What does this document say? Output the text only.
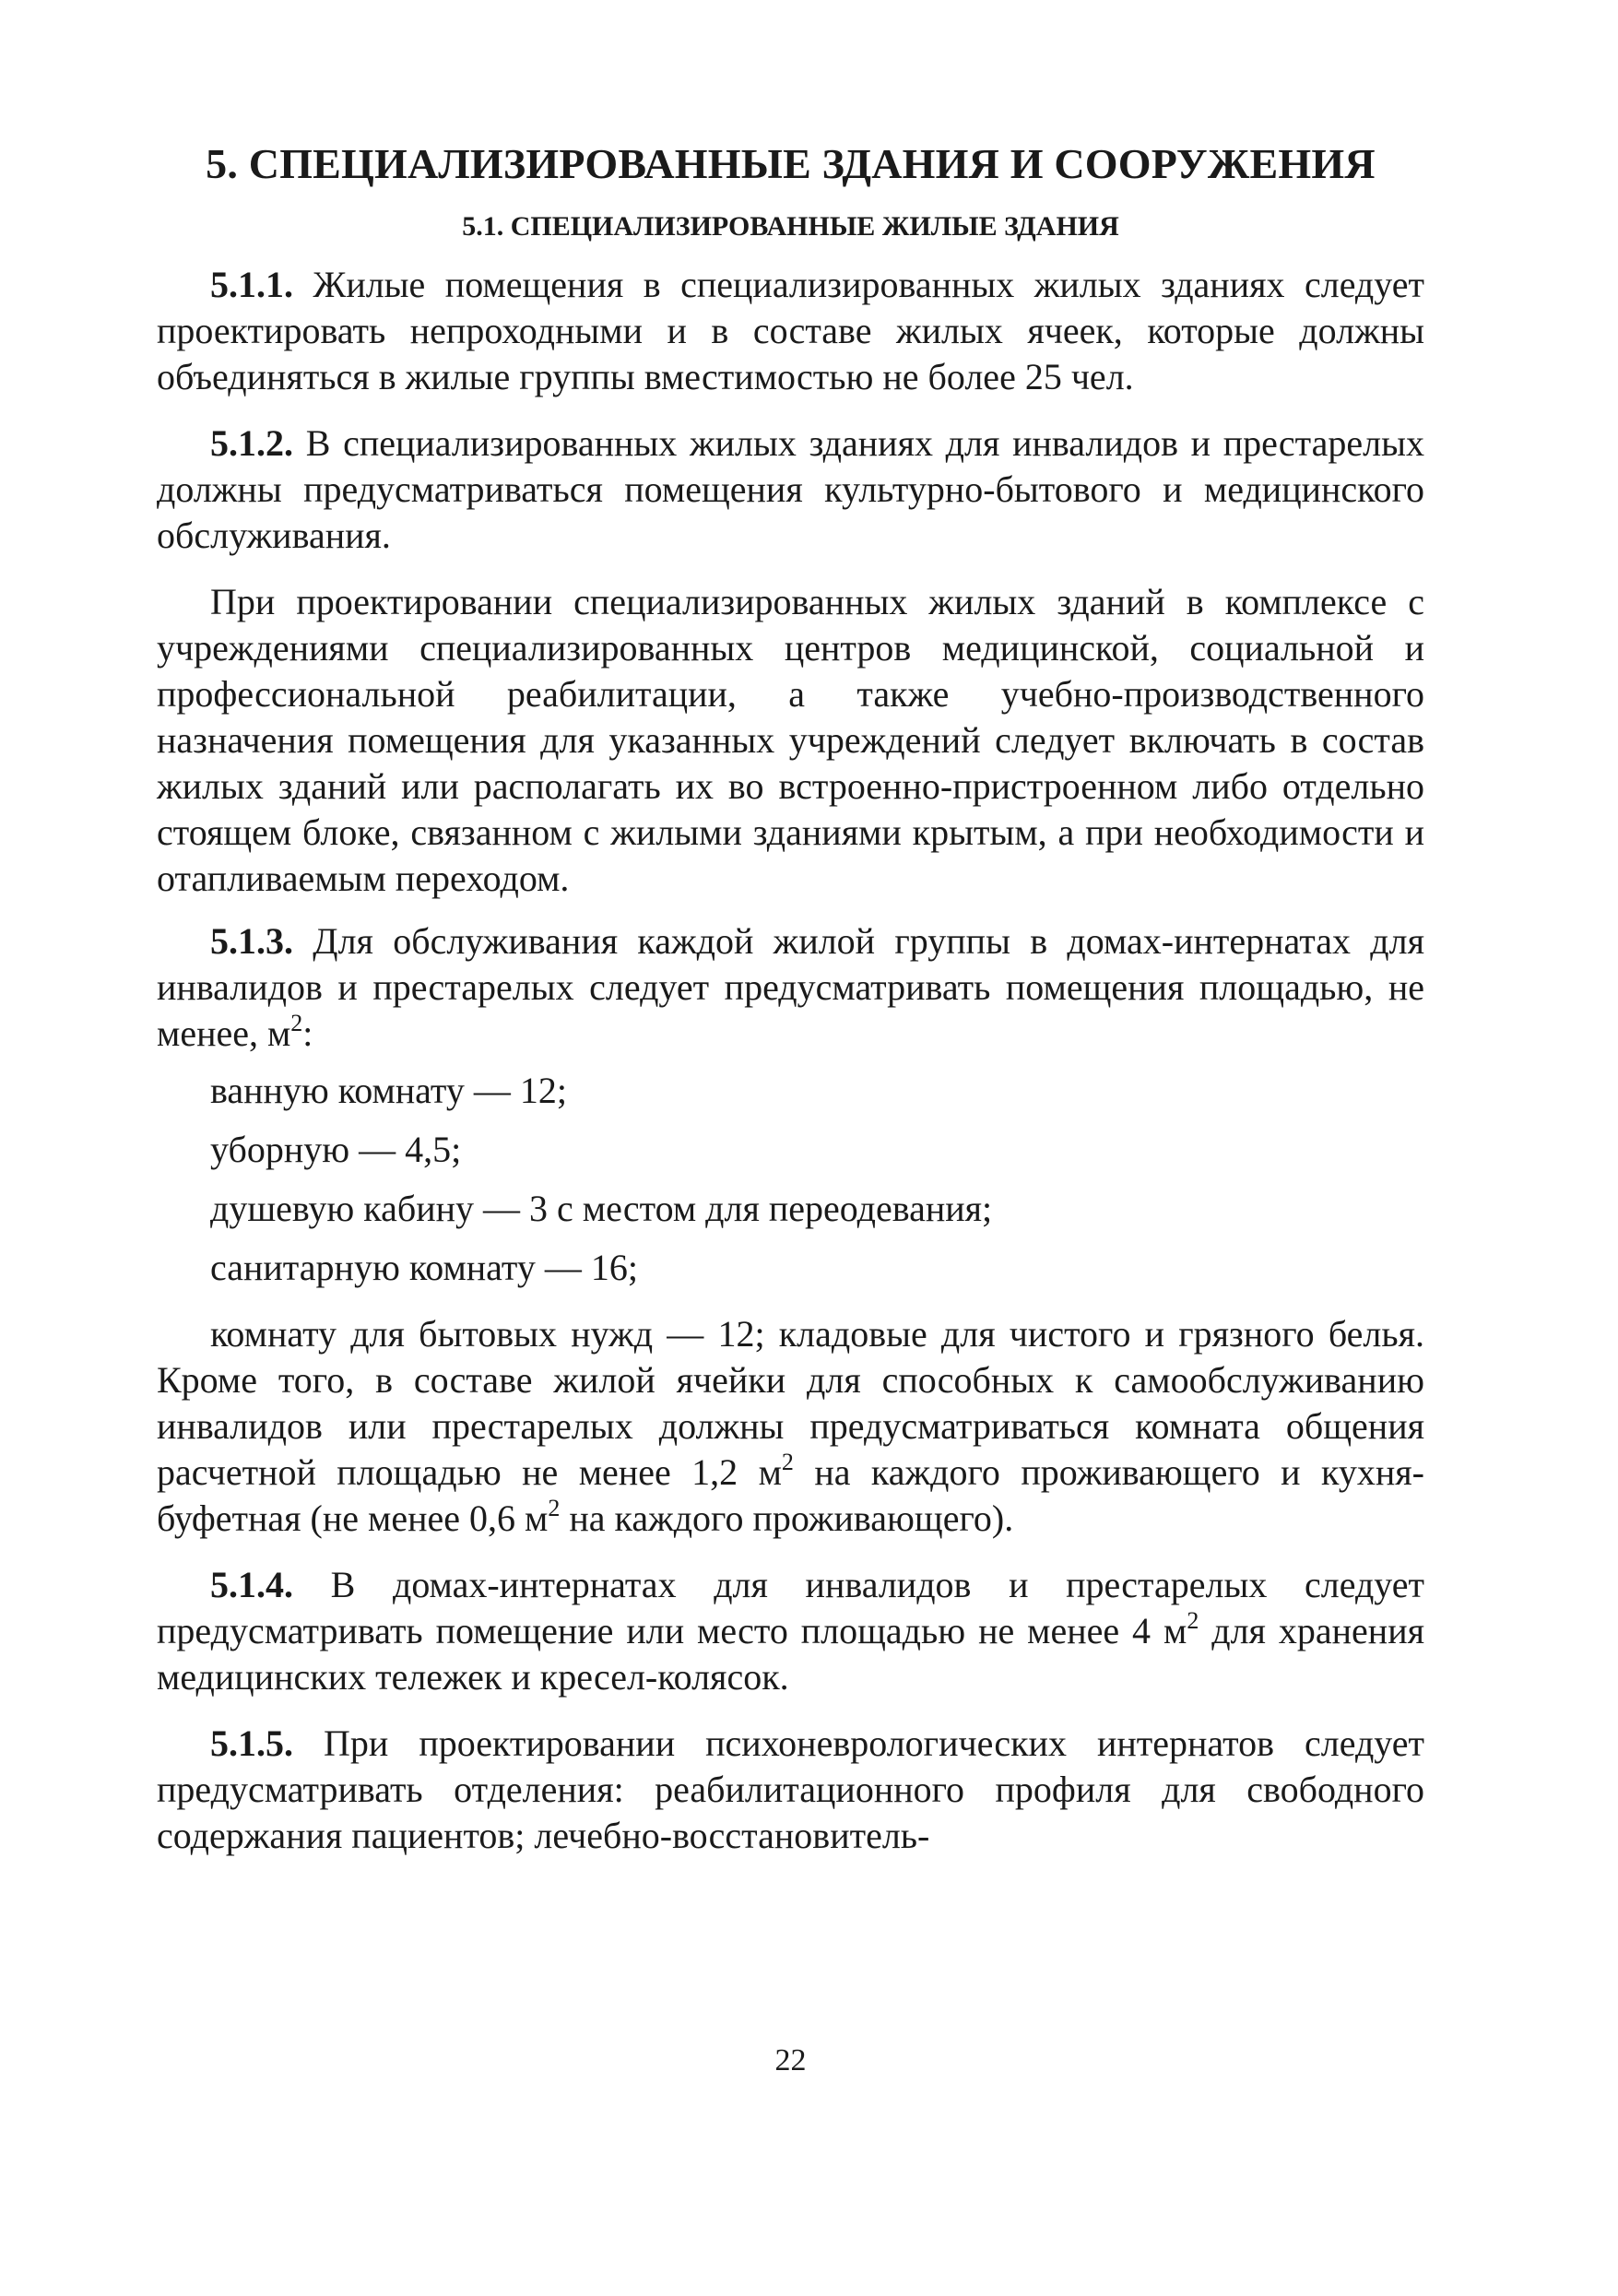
5. СПЕЦИАЛИЗИРОВАННЫЕ ЗДАНИЯ И СООРУЖЕНИЯ
5.1. СПЕЦИАЛИЗИРОВАННЫЕ ЖИЛЫЕ ЗДАНИЯ

5.1.1. Жилые помещения в специализированных жилых зданиях следует проектировать непроходными и в составе жилых ячеек, которые должны объединяться в жилые группы вместимостью не более 25 чел.

5.1.2. В специализированных жилых зданиях для инвалидов и престарелых должны предусматриваться помещения культурно-бытового и медицинского обслуживания.

При проектировании специализированных жилых зданий в комплексе с учреждениями специализированных центров медицинской, социальной и профессиональной реабилитации, а также учебно-производственного назначения помещения для указанных учреждений следует включать в состав жилых зданий или располагать их во встроенно-пристроенном либо отдельно стоящем блоке, связанном с жилыми зданиями крытым, а при необходимости и отапливаемым переходом.

5.1.3. Для обслуживания каждой жилой группы в домах-интернатах для инвалидов и престарелых следует предусматривать помещения площадью, не менее, $м^2$:

ванную комнату — 12;
уборную — 4,5;
душевую кабину — 3 с местом для переодевания;
санитарную комнату — 16;

комнату для бытовых нужд — 12; кладовые для чистого и грязного белья. Кроме того, в составе жилой ячейки для способных к самообслуживанию инвалидов или престарелых должны предусматриваться комната общения расчетной площадью не менее 1,2 $м^2$ на каждого проживающего и кухня-буфетная (не менее 0,6 $м^2$ на каждого проживающего).

5.1.4. В домах-интернатах для инвалидов и престарелых следует предусматривать помещение или место площадью не менее 4 $м^2$ для хранения медицинских тележек и кресел-колясок.

5.1.5. При проектировании психоневрологических интернатов следует предусматривать отделения: реабилитационного профиля для свободного содержания пациентов; лечебно-восстановитель-

22
